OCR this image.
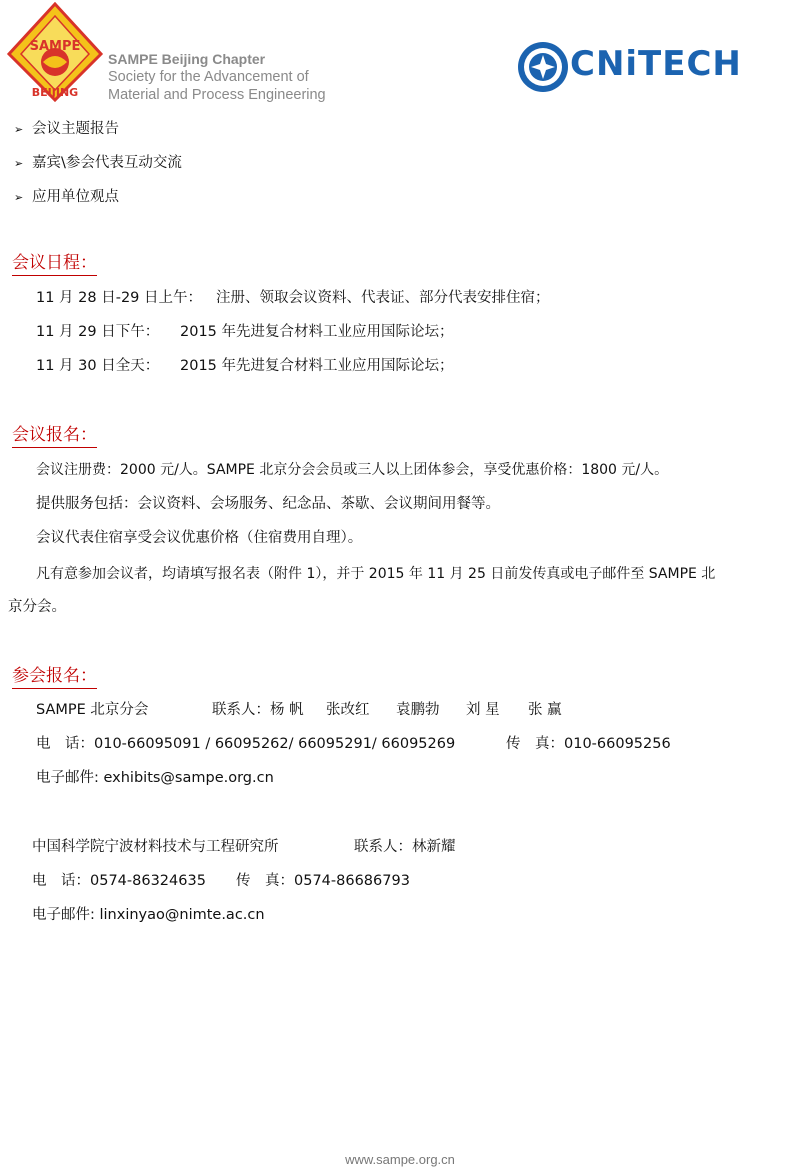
SAMPE
BEIJING
SAMPE Beijing Chapter
Society for the Advancement of
Material and Process Engineering
CNiTECH
➢ 会议主题报告
➢ 嘉宾\参会代表互动交流
➢ 应用单位观点
会议日程：
11 月 28 日-29 日上午： 注册、领取会议资料、代表证、部分代表安排住宿；
11 月 29 日下午： 2015 年先进复合材料工业应用国际论坛；
11 月 30 日全天： 2015 年先进复合材料工业应用国际论坛；
会议报名：
会议注册费：2000 元/人。SAMPE 北京分会会员或三人以上团体参会，享受优惠价格：1800 元/人。
提供服务包括：会议资料、会场服务、纪念品、茶歇、会议期间用餐等。
会议代表住宿享受会议优惠价格（住宿费用自理）。
凡有意参加会议者，均请填写报名表（附件 1），并于 2015 年 11 月 25 日前发传真或电子邮件至 SAMPE 北
京分会。
参会报名：
SAMPE 北京分会	联系人：杨 帆 张改红 袁鹏勃 刘 星 张 赢
电　话：010-66095091 / 66095262/ 66095291/ 66095269	传　真：010-66095256
电子邮件: exhibits@sampe.org.cn
中国科学院宁波材料技术与工程研究所	联系人：林新耀
电　话：0574-86324635 传　真：0574-86686793
电子邮件: linxinyao@nimte.ac.cn
www.sampe.org.cn
